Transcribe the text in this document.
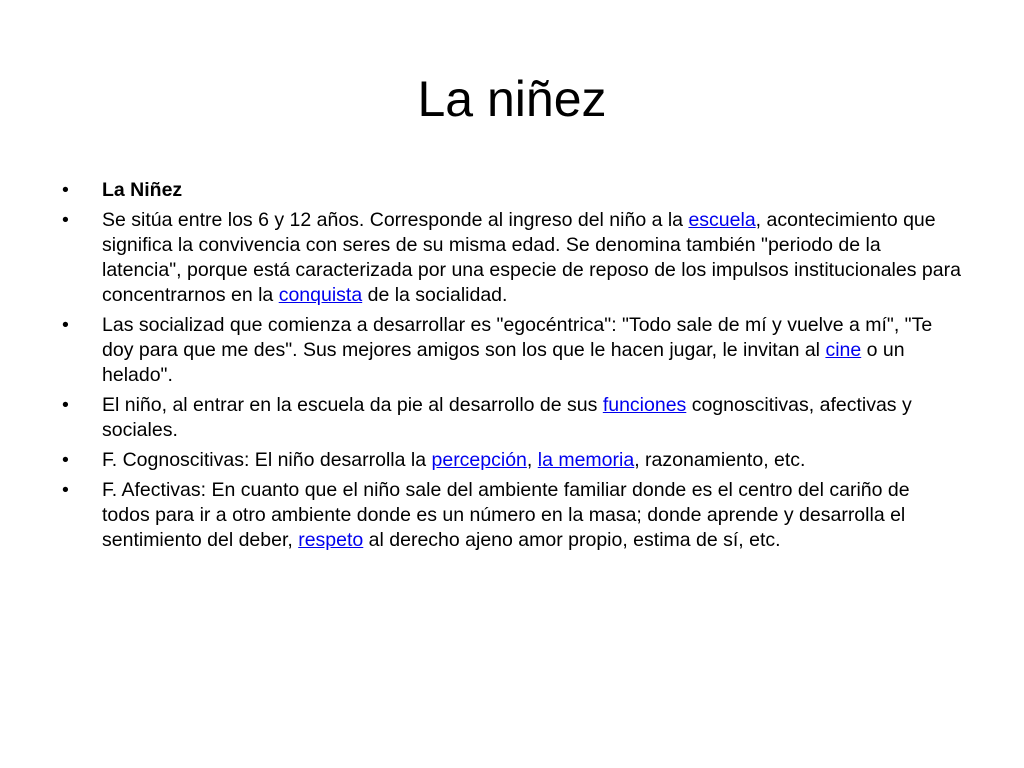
La niñez
•	La Niñez
•	Se sitúa entre los 6 y 12 años. Corresponde al ingreso del niño a la escuela, acontecimiento que significa la convivencia con seres de su misma edad. Se denomina también "periodo de la latencia", porque está caracterizada por una especie de reposo de los impulsos institucionales para concentrarnos en la conquista de la socialidad.
•	Las socializad que comienza a desarrollar es "egocéntrica": "Todo sale de mí y vuelve a mí", "Te doy para que me des". Sus mejores amigos son los que le hacen jugar, le invitan al cine o un helado".
•	El niño, al entrar en la escuela da pie al desarrollo de sus funciones cognoscitivas, afectivas y sociales.
•	F. Cognoscitivas: El niño desarrolla la percepción, la memoria, razonamiento, etc.
•	F. Afectivas: En cuanto que el niño sale del ambiente familiar donde es el centro del cariño de todos para ir a otro ambiente donde es un número en la masa; donde aprende y desarrolla el sentimiento del deber, respeto al derecho ajeno amor propio, estima de sí, etc.
